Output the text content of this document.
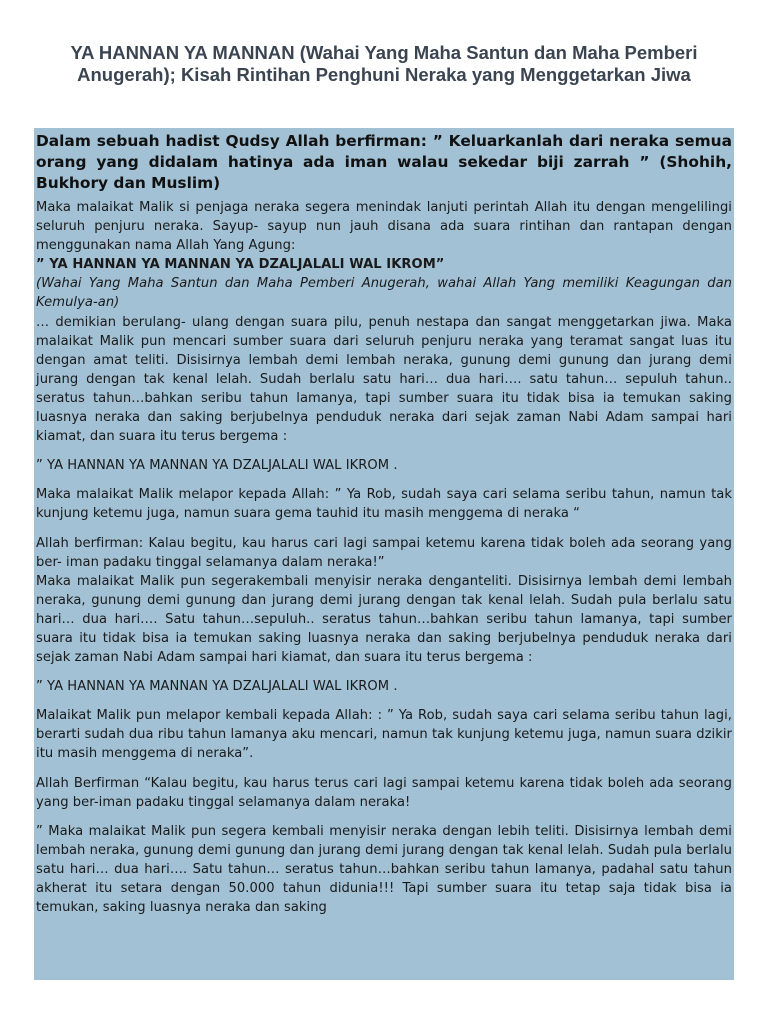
YA HANNAN YA MANNAN (Wahai Yang Maha Santun dan Maha Pemberi Anugerah); Kisah Rintihan Penghuni Neraka yang Menggetarkan Jiwa

Dalam sebuah hadist Qudsy Allah berfirman: ” Keluarkanlah dari neraka semua orang yang didalam hatinya ada iman walau sekedar biji zarrah ” (Shohih, Bukhory dan Muslim)

Maka malaikat Malik si penjaga neraka segera menindak lanjuti perintah Allah itu dengan mengelilingi seluruh penjuru neraka. Sayup- sayup nun jauh disana ada suara rintihan dan rantapan dengan menggunakan nama Allah Yang Agung:

” YA HANNAN YA MANNAN YA DZALJALALI WAL IKROM”

(Wahai Yang Maha Santun dan Maha Pemberi Anugerah, wahai Allah Yang memiliki Keagungan dan Kemulya-an)

… demikian berulang- ulang dengan suara pilu, penuh nestapa dan sangat menggetarkan jiwa. Maka malaikat Malik pun mencari sumber suara dari seluruh penjuru neraka yang teramat sangat luas itu dengan amat teliti. Disisirnya lembah demi lembah neraka, gunung demi gunung dan jurang demi jurang dengan tak kenal lelah. Sudah berlalu satu hari… dua hari…. satu tahun… sepuluh tahun.. seratus tahun…bahkan seribu tahun lamanya, tapi sumber suara itu tidak bisa ia temukan saking luasnya neraka dan saking berjubelnya penduduk neraka dari sejak zaman Nabi Adam sampai hari kiamat, dan suara itu terus bergema :

” YA HANNAN YA MANNAN YA DZALJALALI WAL IKROM .

Maka malaikat Malik melapor kepada Allah: ” Ya Rob, sudah saya cari selama seribu tahun, namun tak kunjung ketemu juga, namun suara gema tauhid itu masih menggema di neraka “

Allah berfirman: Kalau begitu, kau harus cari lagi sampai ketemu karena tidak boleh ada seorang yang ber- iman padaku tinggal selamanya dalam neraka!”

Maka malaikat Malik pun segerakembali menyisir neraka denganteliti. Disisirnya lembah demi lembah neraka, gunung demi gunung dan jurang demi jurang dengan tak kenal lelah. Sudah pula berlalu satu hari… dua hari…. Satu tahun…sepuluh.. seratus tahun…bahkan seribu tahun lamanya, tapi sumber suara itu tidak bisa ia temukan saking luasnya neraka dan saking berjubelnya penduduk neraka dari sejak zaman Nabi Adam sampai hari kiamat, dan suara itu terus bergema :

” YA HANNAN YA MANNAN YA DZALJALALI WAL IKROM .

Malaikat Malik pun melapor kembali kepada Allah: : ” Ya Rob, sudah saya cari selama seribu tahun lagi, berarti sudah dua ribu tahun lamanya aku mencari, namun tak kunjung ketemu juga, namun suara dzikir itu masih menggema di neraka”.

Allah Berfirman “Kalau begitu, kau harus terus cari lagi sampai ketemu karena tidak boleh ada seorang yang ber-iman padaku tinggal selamanya dalam neraka!

” Maka malaikat Malik pun segera kembali menyisir neraka dengan lebih teliti. Disisirnya lembah demi lembah neraka, gunung demi gunung dan jurang demi jurang dengan tak kenal lelah. Sudah pula berlalu satu hari… dua hari…. Satu tahun… seratus tahun…bahkan seribu tahun lamanya, padahal satu tahun akherat itu setara dengan 50.000 tahun didunia!!! Tapi sumber suara itu tetap saja tidak bisa ia temukan, saking luasnya neraka dan saking
